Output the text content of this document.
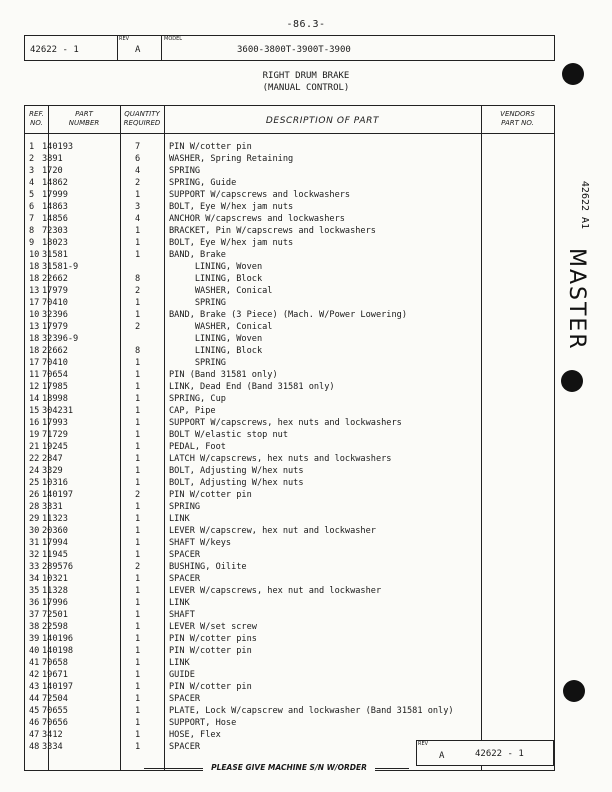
-86.3-
42622 - 1
REV
A
MODEL
3600-3800T-3900T-3900
RIGHT DRUM BRAKE
(MANUAL CONTROL)
REF.
NO.
PART
NUMBER
QUANTITY
REQUIRED	DESCRIPTION OF PART
VENDORS
PART NO.
1 140193	7	PIN W/cotter pin
2 3891	6	WASHER, Spring Retaining
3 1720	4	SPRING
4 14862	2	SPRING, Guide
5 17999	1	SUPPORT W/capscrews and lockwashers
6 14863	3	BOLT, Eye W/hex jam nuts
7 14856	4	ANCHOR W/capscrews and lockwashers
8 72303	1	BRACKET, Pin W/capscrews and lockwashers
9 18023	1	BOLT, Eye W/hex jam nuts
10 31581	1	BAND, Brake
18 31581-9	LINING, Woven
18 22662	8	LINING, Block
13 17979	2	WASHER, Conical
17 70410	1	SPRING
10 32396	1	BAND, Brake (3 Piece) (Mach. W/Power Lowering)
13 17979	2	WASHER, Conical
18 32396-9	LINING, Woven
18 22662	8	LINING, Block
17 70410	1	SPRING
11 70654	1	PIN (Band 31581 only)
12 17985	1	LINK, Dead End (Band 31581 only)
14 18998	1	SPRING, Cup
15 304231	1	CAP, Pipe
16 17993	1	SUPPORT W/capscrews, hex nuts and lockwashers
19 71729	1	BOLT W/elastic stop nut
21 19245	1	PEDAL, Foot
22 2847	1	LATCH W/capscrews, hex nuts and lockwashers
24 3329	1	BOLT, Adjusting W/hex nuts
25 10316	1	BOLT, Adjusting W/hex nuts
26 140197	2	PIN W/cotter pin
28 3331	1	SPRING
29 11323	1	LINK
30 20360	1	LEVER W/capscrew, hex nut and lockwasher
31 17994	1	SHAFT W/keys
32 11945	1	SPACER
33 289576	2	BUSHING, Oilite
34 10321	1	SPACER
35 11328	1	LEVER W/capscrews, hex nut and lockwasher
36 17996	1	LINK
37 72501	1	SHAFT
38 22598	1	LEVER W/set screw
39 140196	1	PIN W/cotter pins
40 140198	1	PIN W/cotter pin
41 70658	1	LINK
42 19671	1	GUIDE
43 140197	1	PIN W/cotter pin
44 72504	1	SPACER
45 70655	1	PLATE, Lock W/capscrew and lockwasher (Band 31581 only)
46 70656	1	SUPPORT, Hose
47 3412	1	HOSE, Flex
48 3334	1	SPACER
PLEASE GIVE MACHINE S/N W/ORDER
REV
A	42622 - 1
42622 A1
MASTER
